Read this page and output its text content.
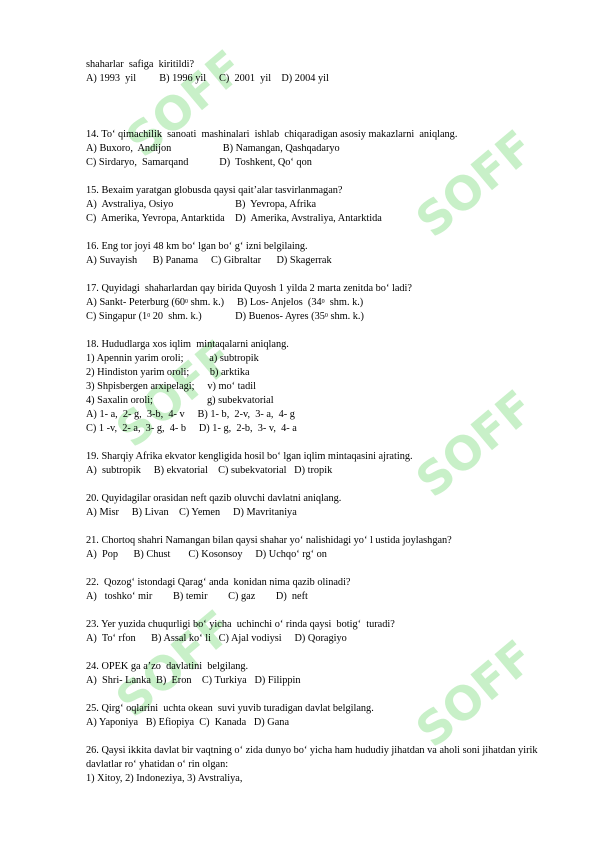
SOFF
SOFF
SOFF	SOFF
SOFF	SOFF

shaharlar  safiga  kiritildi?

A) 1993  yil         B) 1996 yil     C)  2001  yil    D) 2004 yil

14. To‘ qimachilik  sanoati  mashinalari  ishlab  chiqaradigan asosiy makazlarni  aniqlang.

A) Buxoro,  Andijon                    B) Namangan, Qashqadaryo

C) Sirdaryo,  Samarqand            D)  Toshkent, Qo‘ qon

15. Bexaim yaratgan globusda qaysi qait’alar tasvirlanmagan?

A)  Avstraliya, Osiyo                        B)  Yevropa, Afrika

C)  Amerika, Yevropa, Antarktida    D)  Amerika, Avstraliya, Antarktida

16. Eng tor joyi 48 km bo‘ lgan bo‘ g‘ izni belgilaing.

A) Suvayish      B) Panama     C) Gibraltar      D) Skagerrak

17. Quyidagi  shaharlardan qay birida Quyosh 1 yilda 2 marta zenitda bo‘ ladi?

A) Sankt- Peterburg ($60^0$ shm. k.)     B) Los- Anjelos  ($34^0$  shm. k.)

C) Singapur ($1^0$ 20  shm. k.)             D) Buenos- Ayres ($35^0$ shm. k.)

18. Hududlarga xos iqlim  mintaqalarni aniqlang.

1) Apennin yarim oroli;          a) subtropik

2) Hindiston yarim oroli;        b) arktika

3) Shpisbergen arxipelagi;     v) mo‘ tadil

4) Saxalin oroli;                     g) subekvatorial

A) 1- a,  2- g,  3-b,  4- v     B) 1- b,  2-v,  3- a,  4- g

C) 1 -v,  2- a,  3- g,  4- b     D) 1- g,  2-b,  3- v,  4- a

19. Sharqiy Afrika ekvator kengligida hosil bo‘ lgan iqlim mintaqasini ajrating.

A)  subtropik     B) ekvatorial    C) subekvatorial   D) tropik

20. Quyidagilar orasidan neft qazib oluvchi davlatni aniqlang.

A) Misr     B) Livan    C) Yemen     D) Mavritaniya

21. Chortoq shahri Namangan bilan qaysi shahar yo‘ nalishidagi yo‘ l ustida joylashgan?

A)  Pop      B) Chust       C) Kosonsoy     D) Uchqo‘ rg‘ on

22.  Qozog‘ istondagi Qarag‘ anda  konidan nima qazib olinadi?

A)   toshko‘ mir        B) temir        C) gaz        D)  neft

23. Yer yuzida chuqurligi bo‘ yicha  uchinchi o‘ rinda qaysi  botig‘  turadi?

A)  To‘ rfon      B) Assal ko‘ li   C) Ajal vodiysi     D) Qoragiyo

24. OPEK ga a’zo  davlatini  belgilang.

A)  Shri- Lanka  B)  Eron    C) Turkiya   D) Filippin

25. Qirg‘ oqlarini  uchta okean  suvi yuvib turadigan davlat belgilang.

A) Yaponiya   B) Efiopiya  C)  Kanada   D) Gana

26. Qaysi ikkita davlat bir vaqtning o‘ zida dunyo bo‘ yicha ham hududiy jihatdan va aholi soni jihatdan yirik davlatlar ro‘ yhatidan o‘ rin olgan:

1) Xitoy, 2) Indoneziya, 3) Avstraliya,
